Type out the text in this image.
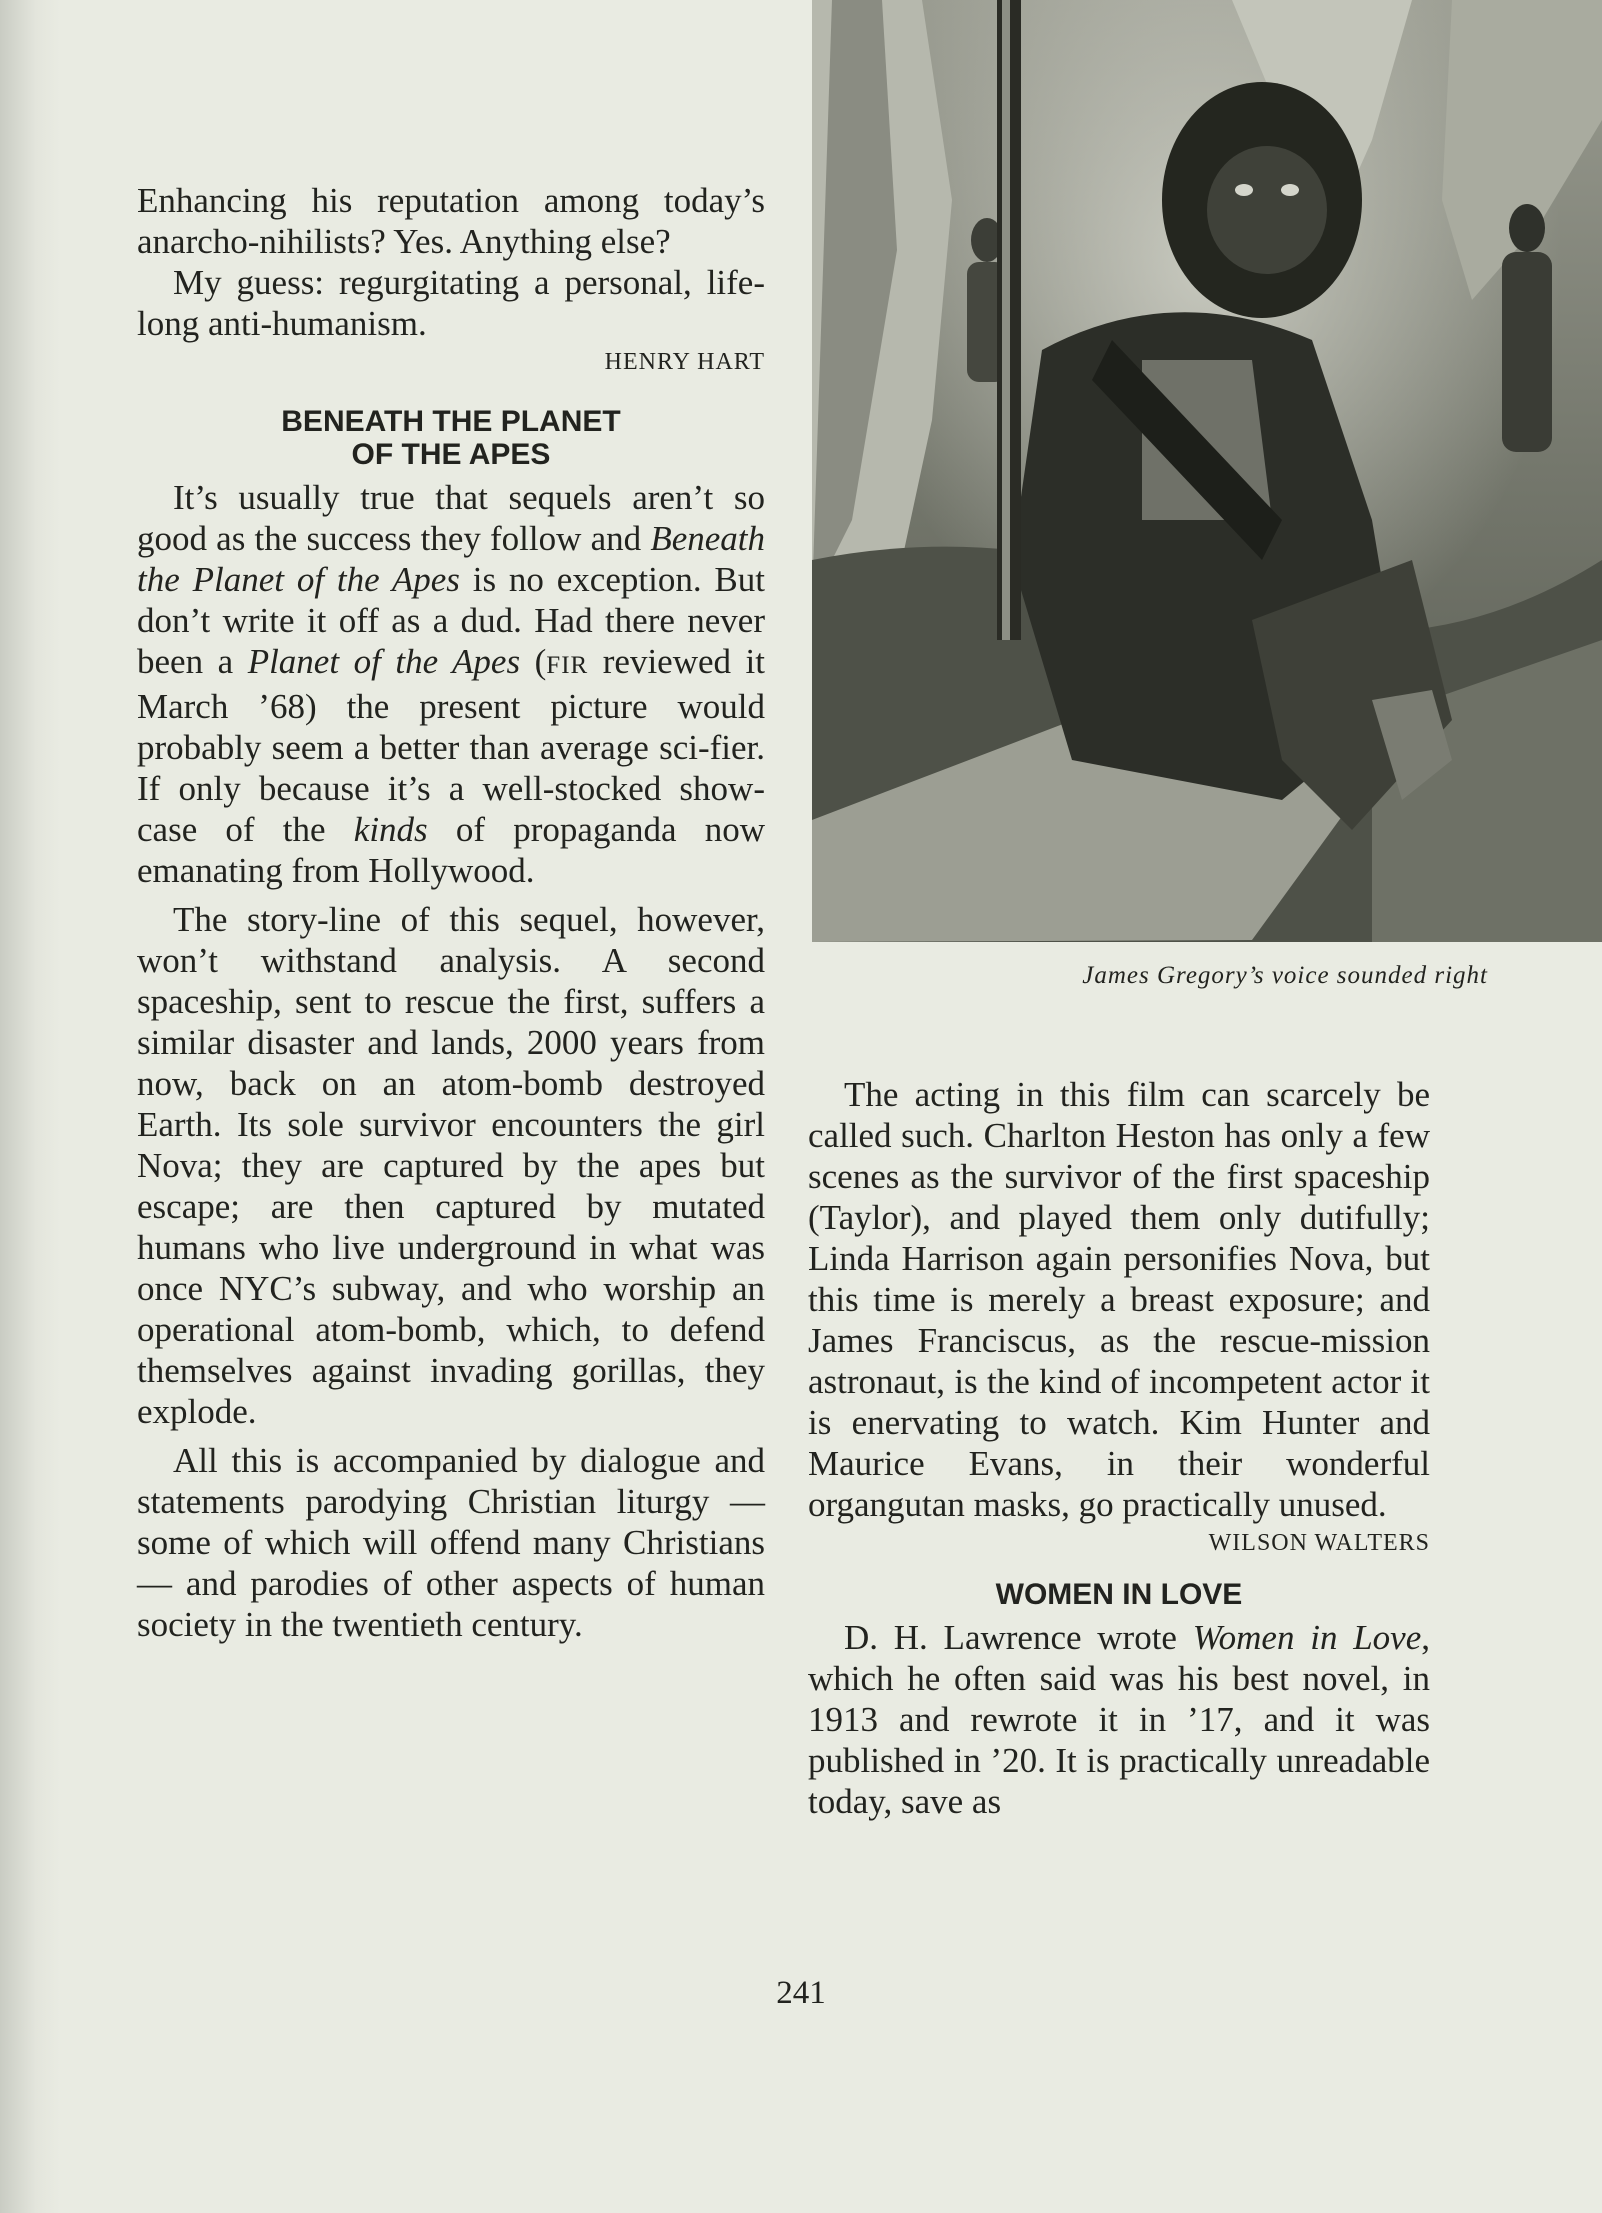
Enhancing his reputation among today’s anarcho-nihilists? Yes. Anything else?

My guess: regurgitating a personal, life-long anti-humanism.

HENRY HART
BENEATH THE PLANET
OF THE APES

It’s usually true that sequels aren’t so good as the success they follow and Beneath the Planet of the Apes is no exception. But don’t write it off as a dud. Had there never been a Planet of the Apes (FIR reviewed it March ’68) the present picture would probably seem a better than average sci-fier. If only because it’s a well-stocked show-case of the kinds of propaganda now emanating from Hollywood.

The story-line of this sequel, however, won’t withstand analysis. A second spaceship, sent to rescue the first, suffers a similar disaster and lands, 2000 years from now, back on an atom-bomb destroyed Earth. Its sole survivor encounters the girl Nova; they are captured by the apes but escape; are then captured by mutated humans who live underground in what was once NYC’s subway, and who worship an operational atom-bomb, which, to defend themselves against invading gorillas, they explode.

All this is accompanied by dialogue and statements parodying Christian liturgy — some of which will offend many Christians — and parodies of other aspects of human society in the twentieth century.

James Gregory’s voice sounded right

The acting in this film can scarcely be called such. Charlton Heston has only a few scenes as the survivor of the first spaceship (Taylor), and played them only dutifully; Linda Harrison again personifies Nova, but this time is merely a breast exposure; and James Franciscus, as the rescue-mission astronaut, is the kind of incompetent actor it is enervating to watch. Kim Hunter and Maurice Evans, in their wonderful organgutan masks, go practically unused.

WILSON WALTERS
WOMEN IN LOVE

D. H. Lawrence wrote Women in Love, which he often said was his best novel, in 1913 and rewrote it in ’17, and it was published in ’20. It is practically unreadable today, save as

241
